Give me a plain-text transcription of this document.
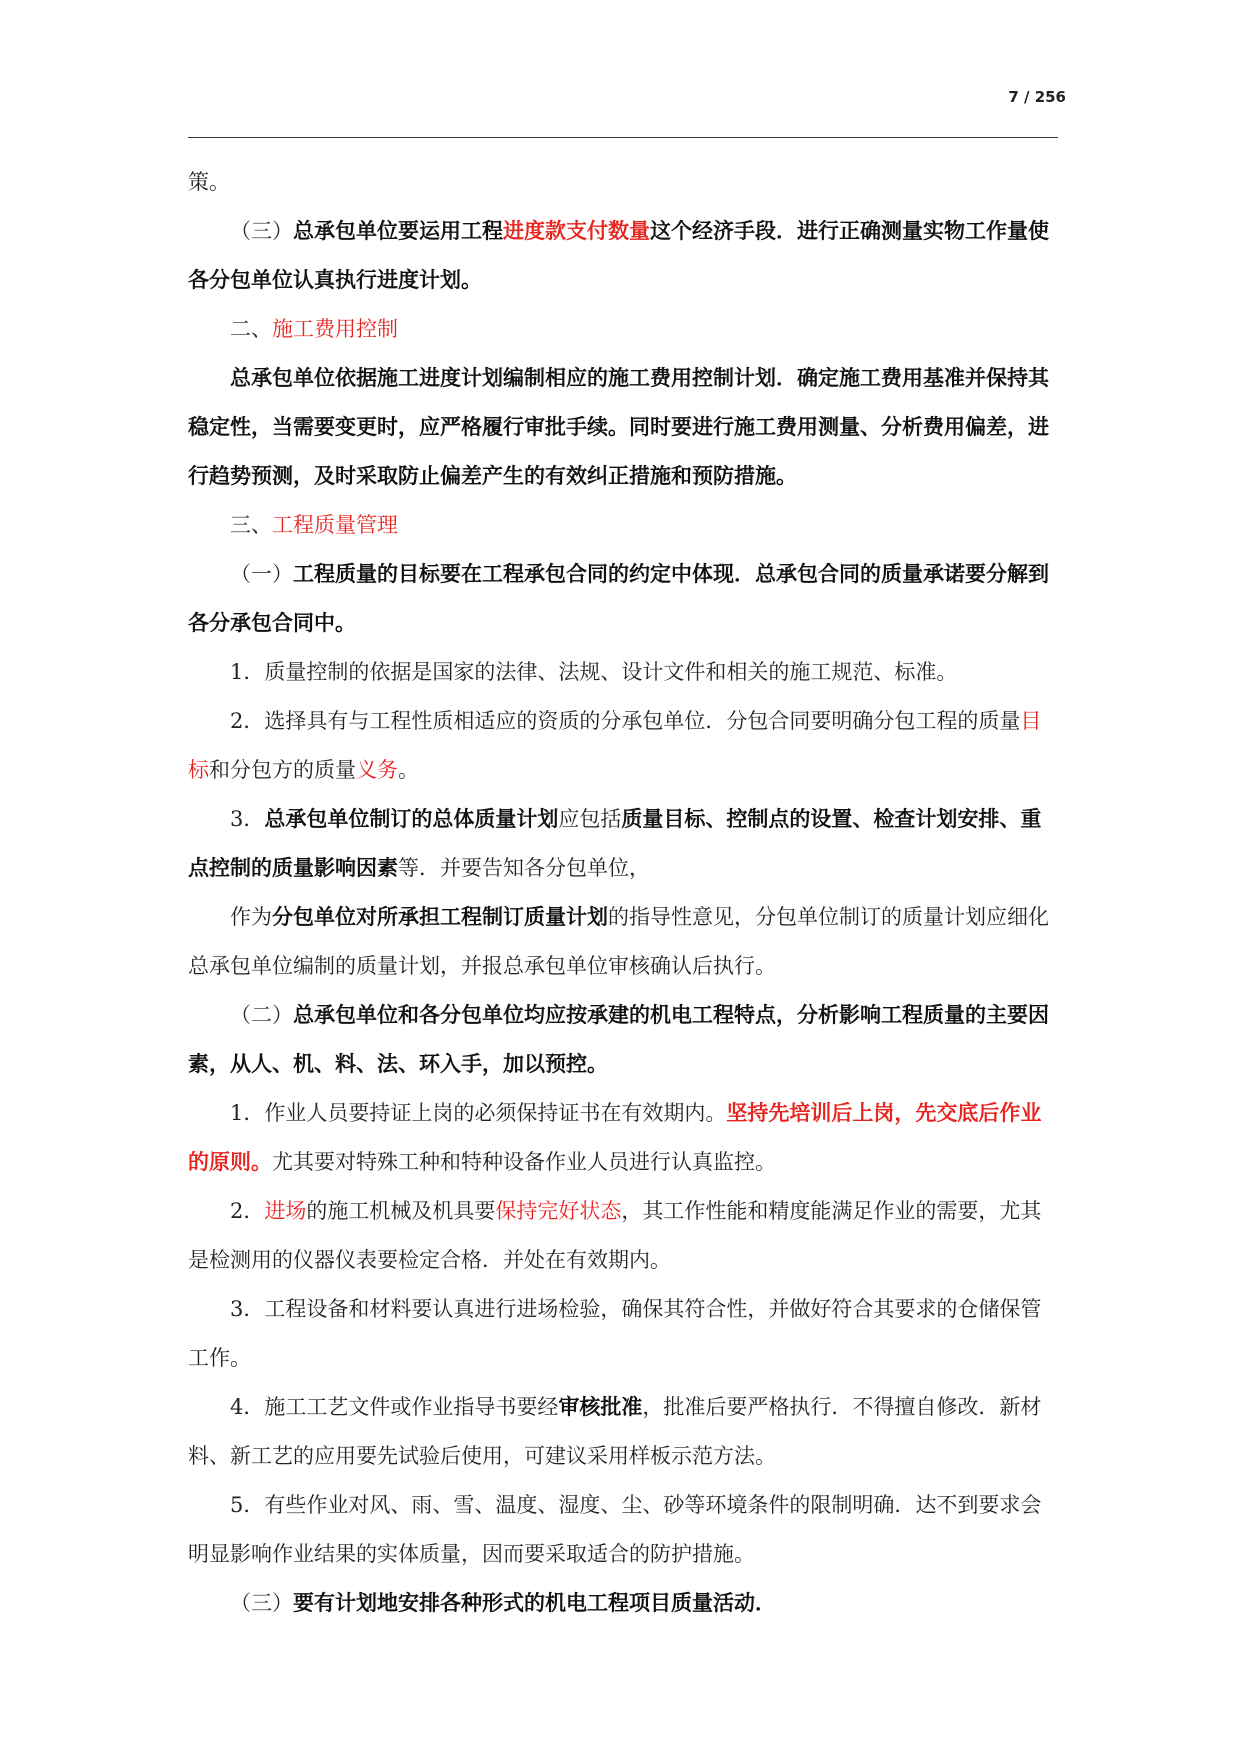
7 / 256

策。

（三）总承包单位要运用工程进度款支付数量这个经济手段．进行正确测量实物工作量使各分包单位认真执行进度计划。

二、施工费用控制

总承包单位依据施工进度计划编制相应的施工费用控制计划．确定施工费用基准并保持其稳定性，当需要变更时，应严格履行审批手续。同时要进行施工费用测量、分析费用偏差，进行趋势预测，及时采取防止偏差产生的有效纠正措施和预防措施。

三、工程质量管理

（一）工程质量的目标要在工程承包合同的约定中体现．总承包合同的质量承诺要分解到各分承包合同中。

1．质量控制的依据是国家的法律、法规、设计文件和相关的施工规范、标准。

2．选择具有与工程性质相适应的资质的分承包单位．分包合同要明确分包工程的质量目标和分包方的质量义务。

3．总承包单位制订的总体质量计划应包括质量目标、控制点的设置、检查计划安排、重点控制的质量影响因素等．并要告知各分包单位，

作为分包单位对所承担工程制订质量计划的指导性意见，分包单位制订的质量计划应细化总承包单位编制的质量计划，并报总承包单位审核确认后执行。

（二）总承包单位和各分包单位均应按承建的机电工程特点，分析影响工程质量的主要因素，从人、机、料、法、环入手，加以预控。

1．作业人员要持证上岗的必须保持证书在有效期内。坚持先培训后上岗，先交底后作业的原则。尤其要对特殊工种和特种设备作业人员进行认真监控。

2．进场的施工机械及机具要保持完好状态，其工作性能和精度能满足作业的需要，尤其是检测用的仪器仪表要检定合格．并处在有效期内。

3．工程设备和材料要认真进行进场检验，确保其符合性，并做好符合其要求的仓储保管工作。

4．施工工艺文件或作业指导书要经审核批准，批准后要严格执行．不得擅自修改．新材料、新工艺的应用要先试验后使用，可建议采用样板示范方法。

5．有些作业对风、雨、雪、温度、湿度、尘、砂等环境条件的限制明确．达不到要求会明显影响作业结果的实体质量，因而要采取适合的防护措施。

（三）要有计划地安排各种形式的机电工程项目质量活动．
